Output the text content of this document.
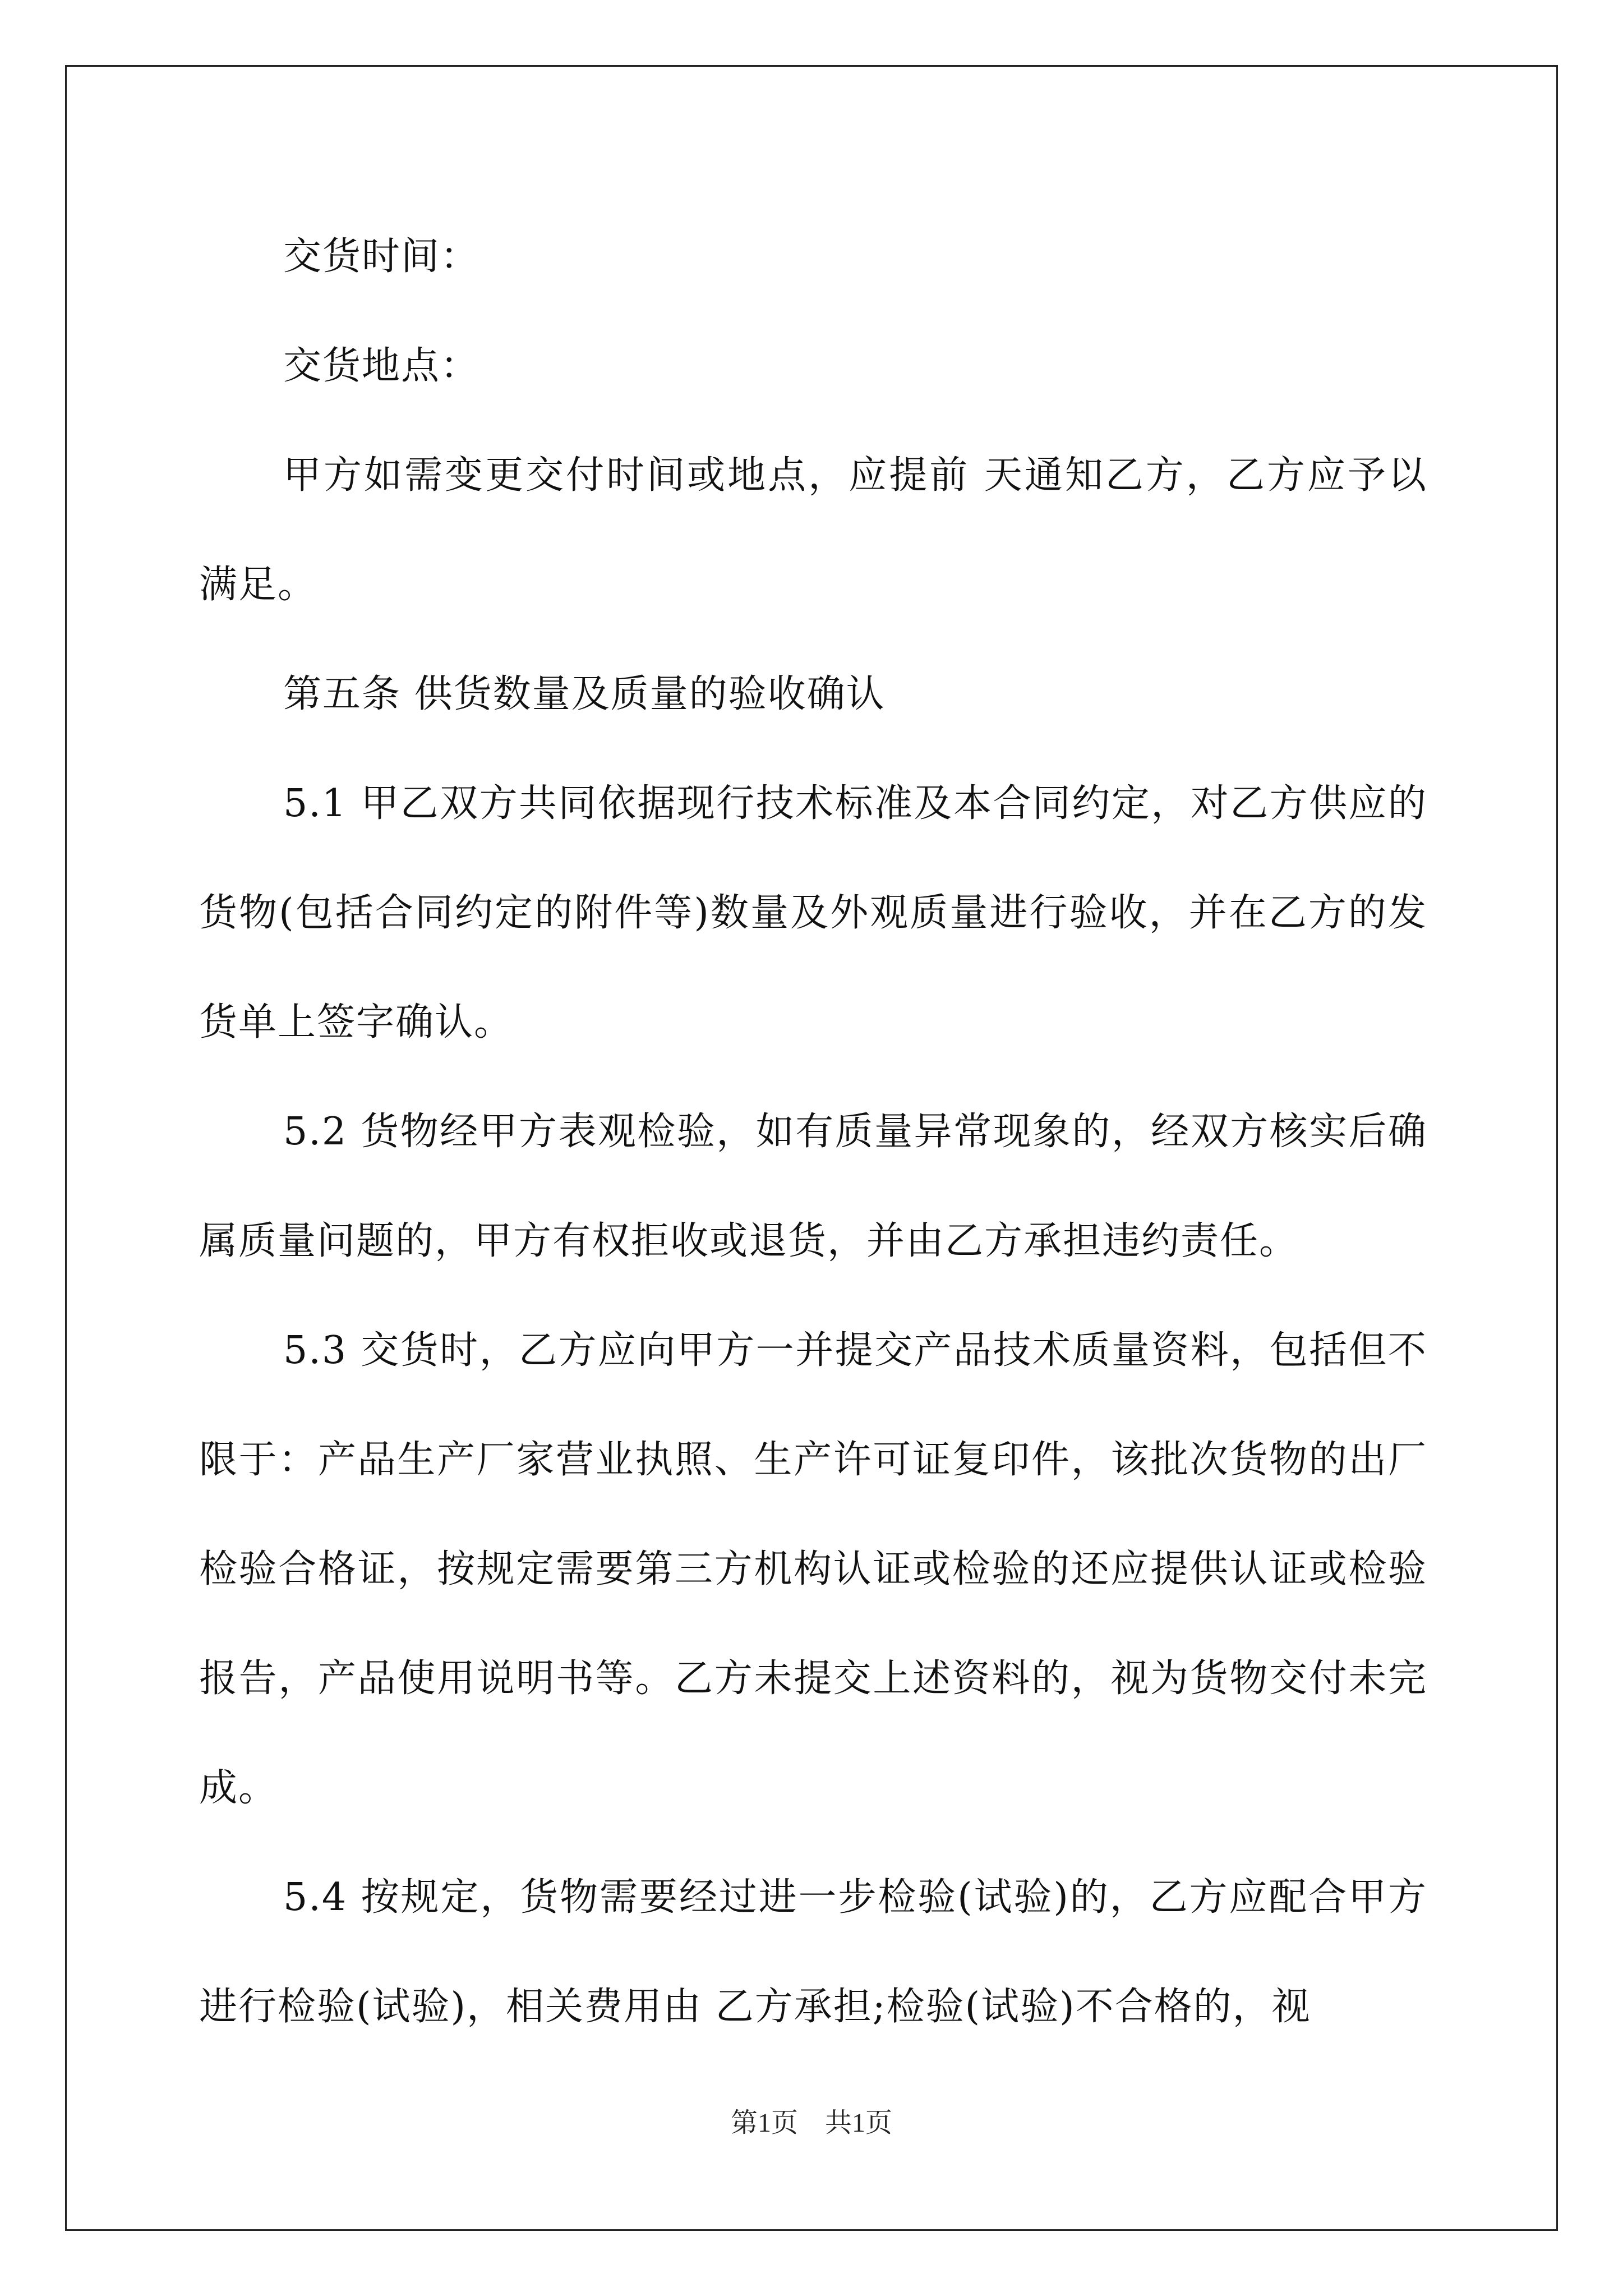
交货时间：

交货地点：

甲方如需变更交付时间或地点，应提前 天通知乙方，乙方应予以满足。

第五条 供货数量及质量的验收确认

5.1 甲乙双方共同依据现行技术标准及本合同约定，对乙方供应的货物(包括合同约定的附件等)数量及外观质量进行验收，并在乙方的发货单上签字确认。

5.2 货物经甲方表观检验，如有质量异常现象的，经双方核实后确属质量问题的，甲方有权拒收或退货，并由乙方承担违约责任。

5.3 交货时，乙方应向甲方一并提交产品技术质量资料，包括但不限于：产品生产厂家营业执照、生产许可证复印件，该批次货物的出厂检验合格证，按规定需要第三方机构认证或检验的还应提供认证或检验报告，产品使用说明书等。乙方未提交上述资料的，视为货物交付未完成。

5.4 按规定，货物需要经过进一步检验(试验)的，乙方应配合甲方进行检验(试验)，相关费用由 乙方承担;检验(试验)不合格的，视

第1页　共1页
